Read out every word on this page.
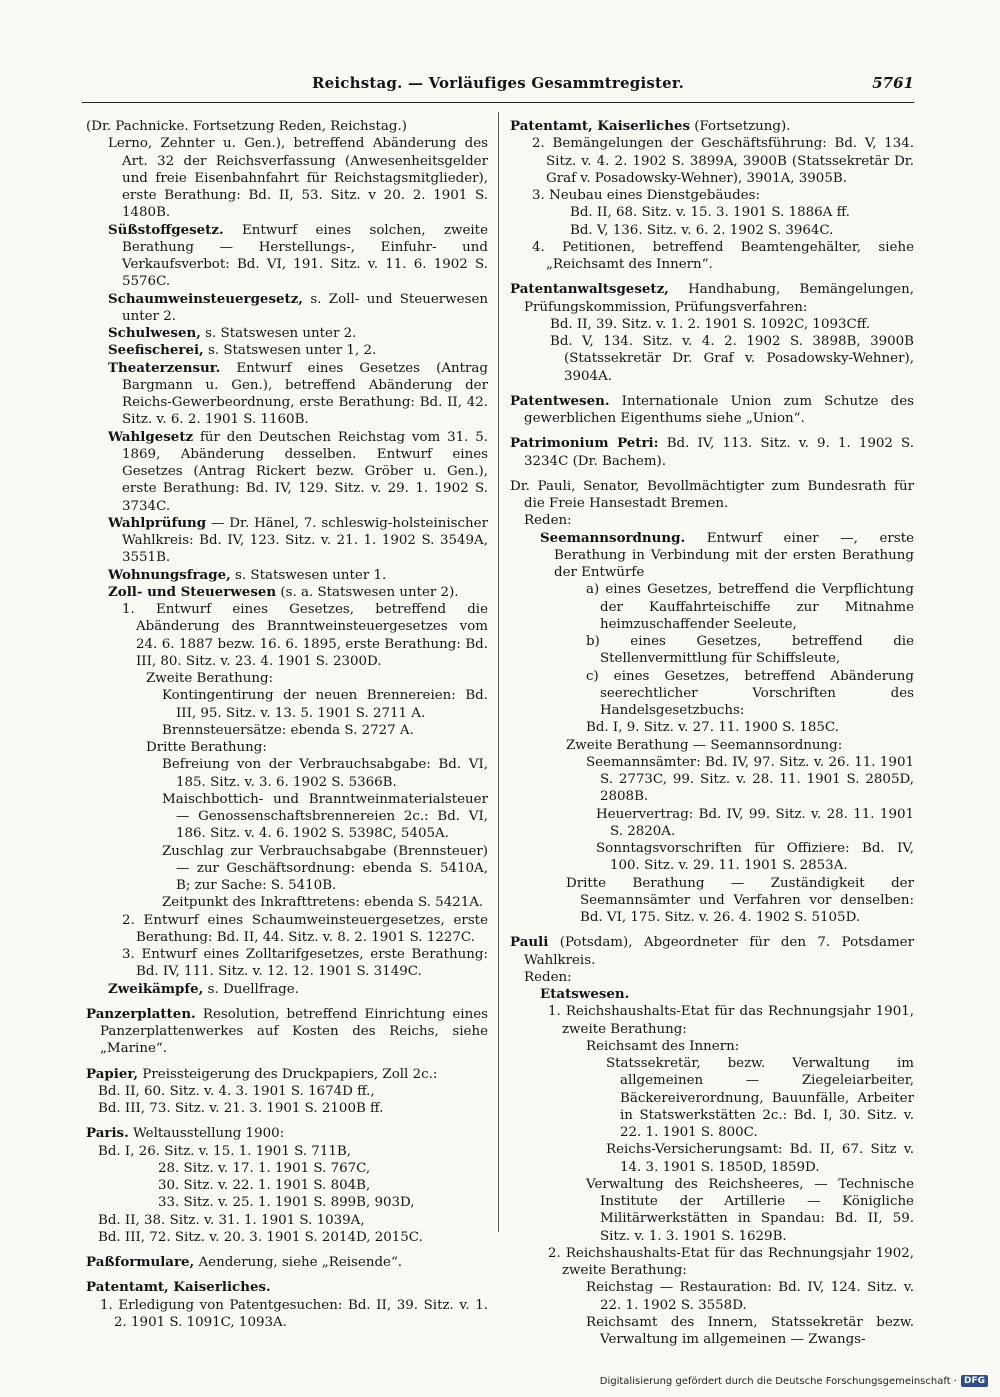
Reichstag. — Vorläufiges Gesammtregister.	5761
(Dr. Pachnicke. Fortsetzung Reden, Reichstag.)
Lerno, Zehnter u. Gen.), betreffend Abänderung des Art. 32 der Reichsverfassung (Anwesenheitsgelder und freie Eisenbahnfahrt für Reichstagsmitglieder), erste Berathung: Bd. II, 53. Sitz. v 20. 2. 1901 S. 1480B.
Süßstoffgesetz. Entwurf eines solchen, zweite Berathung — Herstellungs-, Einfuhr- und Verkaufsverbot: Bd. VI, 191. Sitz. v. 11. 6. 1902 S. 5576C.
Schaumweinsteuergesetz, s. Zoll- und Steuerwesen unter 2.
Schulwesen, s. Statswesen unter 2.
Seefischerei, s. Statswesen unter 1, 2.
Theaterzensur. Entwurf eines Gesetzes (Antrag Bargmann u. Gen.), betreffend Abänderung der Reichs-Gewerbeordnung, erste Berathung: Bd. II, 42. Sitz. v. 6. 2. 1901 S. 1160B.
Wahlgesetz für den Deutschen Reichstag vom 31. 5. 1869, Abänderung desselben. Entwurf eines Gesetzes (Antrag Rickert bezw. Gröber u. Gen.), erste Berathung: Bd. IV, 129. Sitz. v. 29. 1. 1902 S. 3734C.
Wahlprüfung — Dr. Hänel, 7. schleswig-holsteinischer Wahlkreis: Bd. IV, 123. Sitz. v. 21. 1. 1902 S. 3549A, 3551B.
Wohnungsfrage, s. Statswesen unter 1.
Zoll- und Steuerwesen (s. a. Statswesen unter 2).
1. Entwurf eines Gesetzes, betreffend die Abänderung des Branntweinsteuergesetzes vom 24. 6. 1887 bezw. 16. 6. 1895, erste Berathung: Bd. III, 80. Sitz. v. 23. 4. 1901 S. 2300D.
Zweite Berathung:
Kontingentirung der neuen Brennereien: Bd. III, 95. Sitz. v. 13. 5. 1901 S. 2711 A.
Brennsteuersätze: ebenda S. 2727 A.
Dritte Berathung:
Befreiung von der Verbrauchsabgabe: Bd. VI, 185. Sitz. v. 3. 6. 1902 S. 5366B.
Maischbottich- und Branntweinmaterialsteuer — Genossenschaftsbrennereien 2c.: Bd. VI, 186. Sitz. v. 4. 6. 1902 S. 5398C, 5405A.
Zuschlag zur Verbrauchsabgabe (Brennsteuer) — zur Geschäftsordnung: ebenda S. 5410A, B; zur Sache: S. 5410B.
Zeitpunkt des Inkrafttretens: ebenda S. 5421A.
2. Entwurf eines Schaumweinsteuergesetzes, erste Berathung: Bd. II, 44. Sitz. v. 8. 2. 1901 S. 1227C.
3. Entwurf eines Zolltarifgesetzes, erste Berathung: Bd. IV, 111. Sitz. v. 12. 12. 1901 S. 3149C.
Zweikämpfe, s. Duellfrage.
Panzerplatten. Resolution, betreffend Einrichtung eines Panzerplattenwerkes auf Kosten des Reichs, siehe „Marine“.
Papier, Preissteigerung des Druckpapiers, Zoll 2c.:
Bd. II, 60. Sitz. v. 4. 3. 1901 S. 1674D ff.,
Bd. III, 73. Sitz. v. 21. 3. 1901 S. 2100B ff.
Paris. Weltausstellung 1900:
Bd. I, 26. Sitz. v. 15. 1. 1901 S. 711B,
28. Sitz. v. 17. 1. 1901 S. 767C,
30. Sitz. v. 22. 1. 1901 S. 804B,
33. Sitz. v. 25. 1. 1901 S. 899B, 903D,
Bd. II, 38. Sitz. v. 31. 1. 1901 S. 1039A,
Bd. III, 72. Sitz. v. 20. 3. 1901 S. 2014D, 2015C.
Paßformulare, Aenderung, siehe „Reisende“.
Patentamt, Kaiserliches.
1. Erledigung von Patentgesuchen: Bd. II, 39. Sitz. v. 1. 2. 1901 S. 1091C, 1093A.
Patentamt, Kaiserliches (Fortsetzung).
2. Bemängelungen der Geschäftsführung: Bd. V, 134. Sitz. v. 4. 2. 1902 S. 3899A, 3900B (Statssekretär Dr. Graf v. Posadowsky-Wehner), 3901A, 3905B.
3. Neubau eines Dienstgebäudes:
Bd. II, 68. Sitz. v. 15. 3. 1901 S. 1886A ff.
Bd. V, 136. Sitz. v. 6. 2. 1902 S. 3964C.
4. Petitionen, betreffend Beamtengehälter, siehe „Reichsamt des Innern“.
Patentanwaltsgesetz, Handhabung, Bemängelungen, Prüfungskommission, Prüfungsverfahren:
Bd. II, 39. Sitz. v. 1. 2. 1901 S. 1092C, 1093Cff.
Bd. V, 134. Sitz. v. 4. 2. 1902 S. 3898B, 3900B (Statssekretär Dr. Graf v. Posadowsky-Wehner), 3904A.
Patentwesen. Internationale Union zum Schutze des gewerblichen Eigenthums siehe „Union“.
Patrimonium Petri: Bd. IV, 113. Sitz. v. 9. 1. 1902 S. 3234C (Dr. Bachem).
Dr. Pauli, Senator, Bevollmächtigter zum Bundesrath für die Freie Hansestadt Bremen.
Reden:
Seemannsordnung. Entwurf einer —, erste Berathung in Verbindung mit der ersten Berathung der Entwürfe
a) eines Gesetzes, betreffend die Verpflichtung der Kauffahrteischiffe zur Mitnahme heimzuschaffender Seeleute,
b) eines Gesetzes, betreffend die Stellenvermittlung für Schiffsleute,
c) eines Gesetzes, betreffend Abänderung seerechtlicher Vorschriften des Handelsgesetzbuchs:
Bd. I, 9. Sitz. v. 27. 11. 1900 S. 185C.
Zweite Berathung — Seemannsordnung:
Seemannsämter: Bd. IV, 97. Sitz. v. 26. 11. 1901 S. 2773C, 99. Sitz. v. 28. 11. 1901 S. 2805D, 2808B.
Heuervertrag: Bd. IV, 99. Sitz. v. 28. 11. 1901 S. 2820A.
Sonntagsvorschriften für Offiziere: Bd. IV, 100. Sitz. v. 29. 11. 1901 S. 2853A.
Dritte Berathung — Zuständigkeit der Seemannsämter und Verfahren vor denselben: Bd. VI, 175. Sitz. v. 26. 4. 1902 S. 5105D.
Pauli (Potsdam), Abgeordneter für den 7. Potsdamer Wahlkreis.
Reden:
Etatswesen.
1. Reichshaushalts-Etat für das Rechnungsjahr 1901, zweite Berathung:
Reichsamt des Innern:
Statssekretär, bezw. Verwaltung im allgemeinen — Ziegeleiarbeiter, Bäckereiverordnung, Bauunfälle, Arbeiter in Statswerkstätten 2c.: Bd. I, 30. Sitz. v. 22. 1. 1901 S. 800C.
Reichs-Versicherungsamt: Bd. II, 67. Sitz v. 14. 3. 1901 S. 1850D, 1859D.
Verwaltung des Reichsheeres, — Technische Institute der Artillerie — Königliche Militärwerkstätten in Spandau: Bd. II, 59. Sitz. v. 1. 3. 1901 S. 1629B.
2. Reichshaushalts-Etat für das Rechnungsjahr 1902, zweite Berathung:
Reichstag — Restauration: Bd. IV, 124. Sitz. v. 22. 1. 1902 S. 3558D.
Reichsamt des Innern, Statssekretär bezw. Verwaltung im allgemeinen — Zwangs-
Digitalisierung gefördert durch die Deutsche Forschungsgemeinschaft · DFG
